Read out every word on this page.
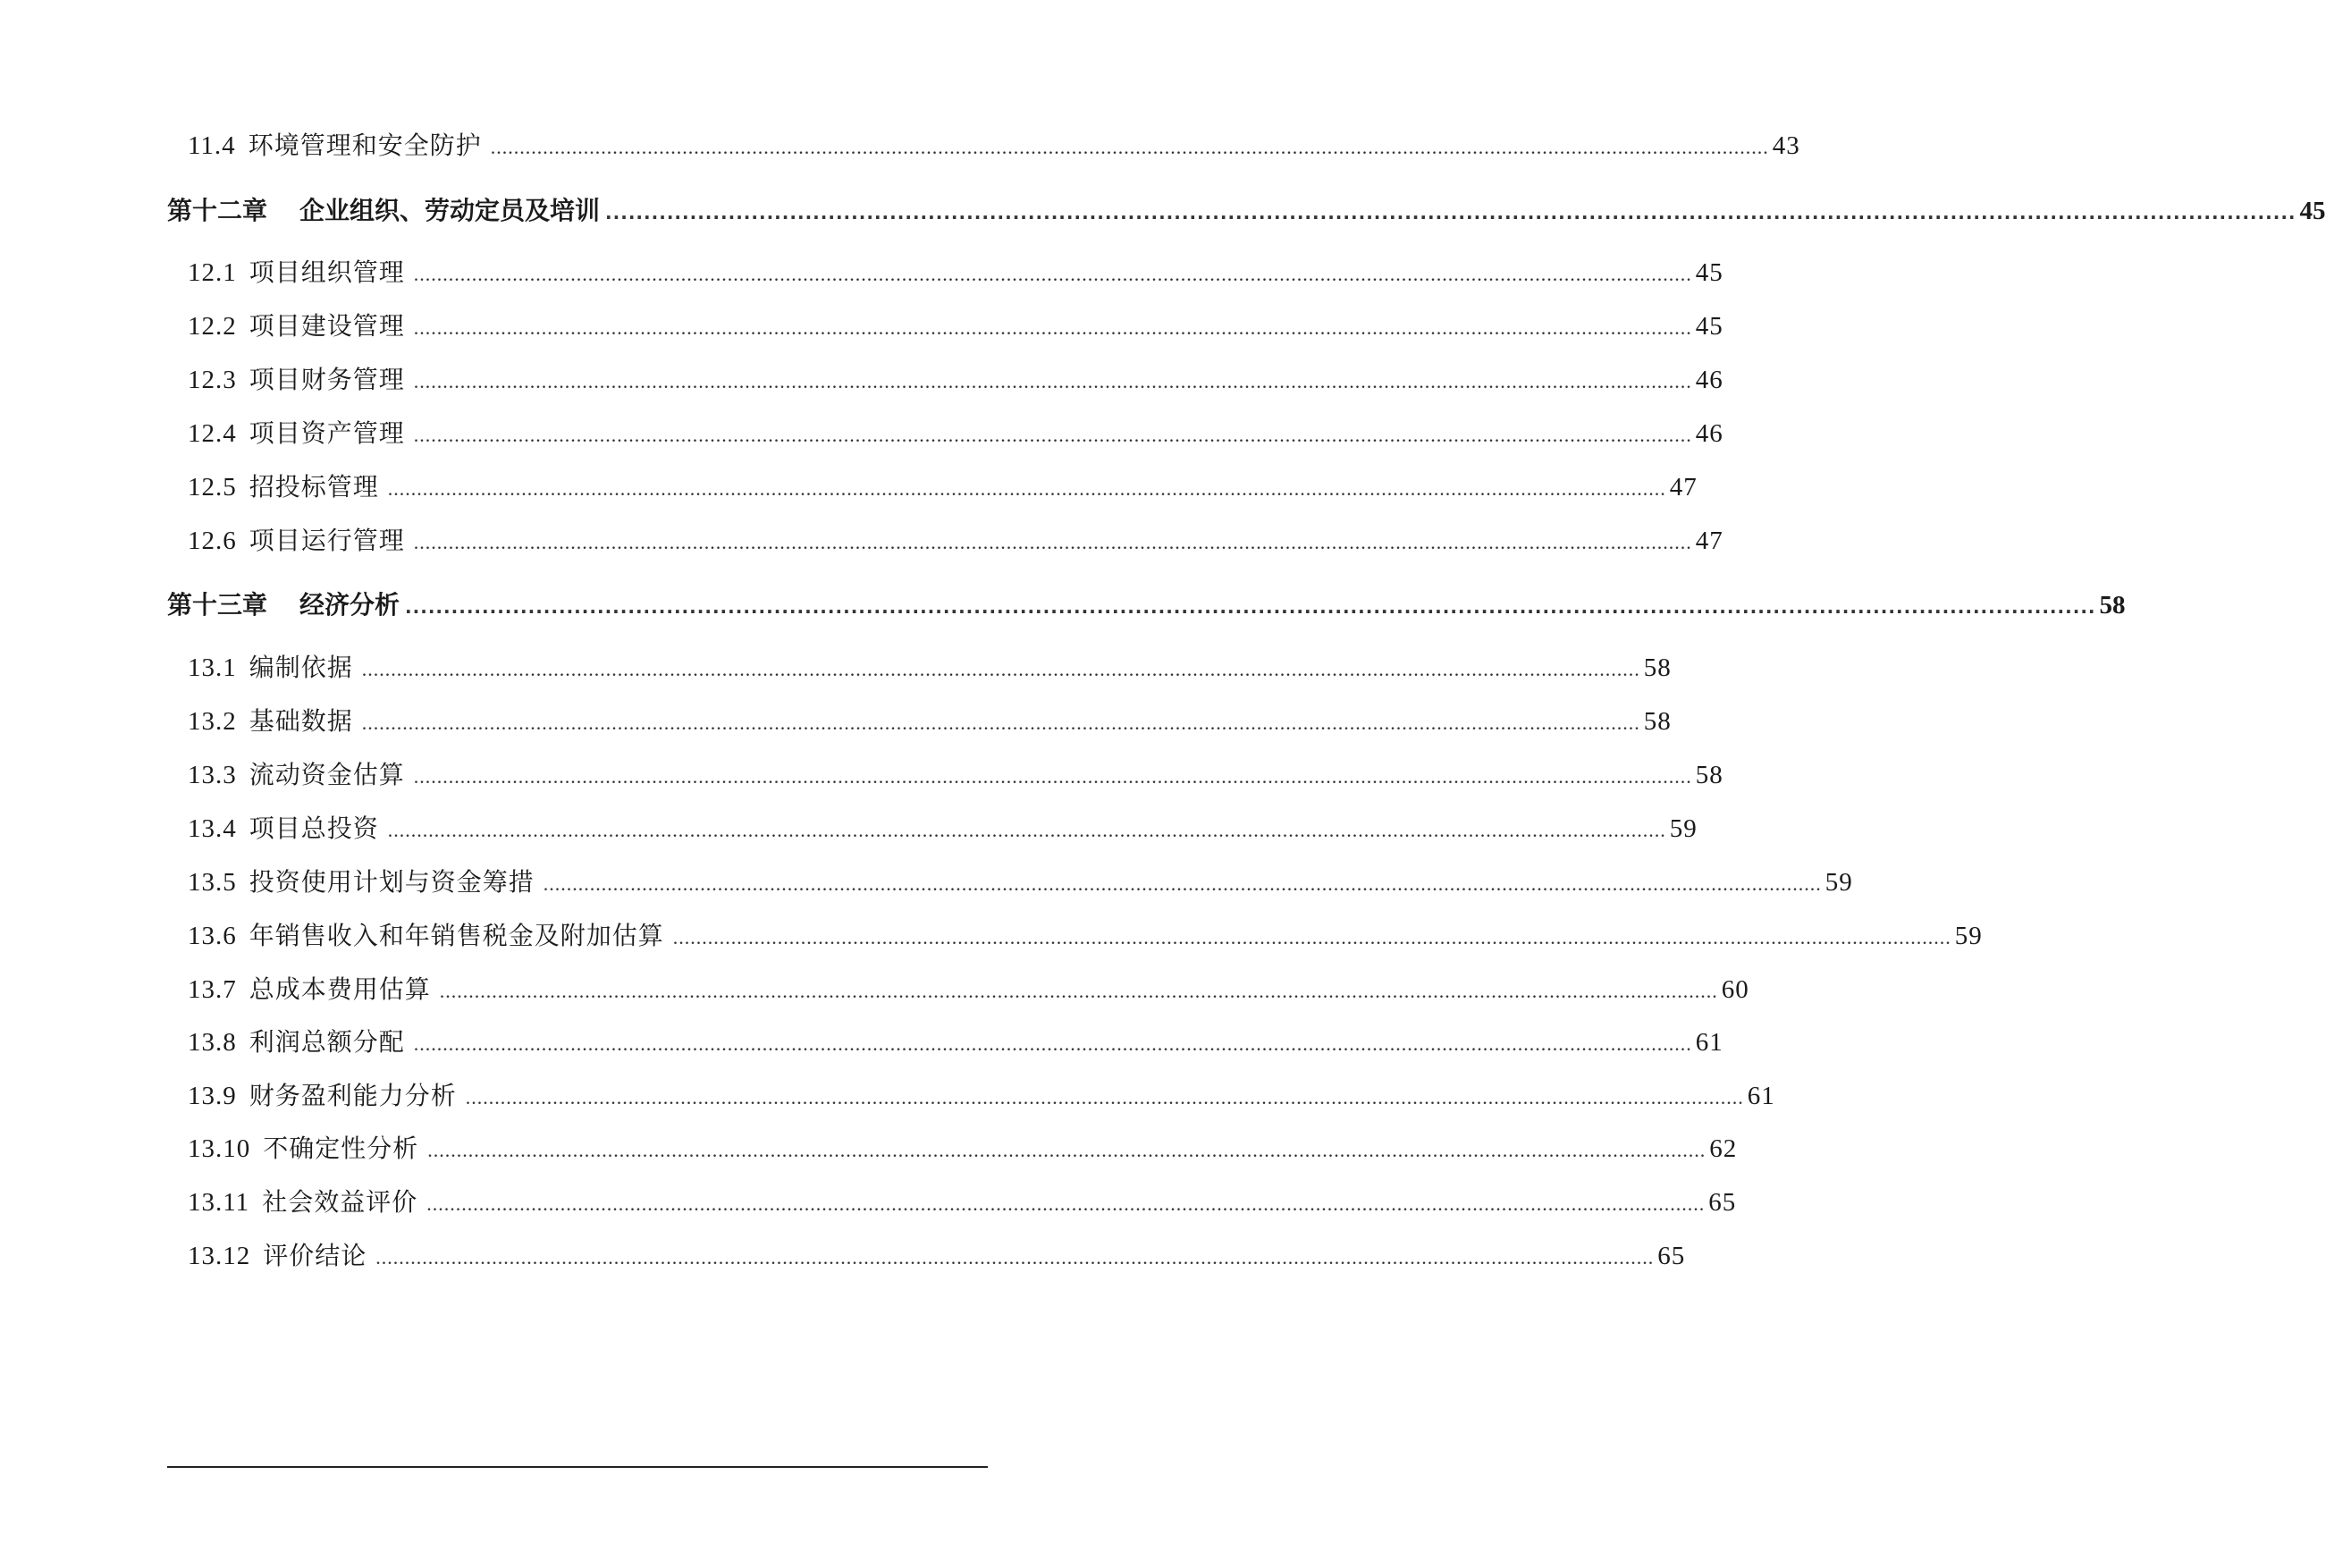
11.4 环境管理和安全防护 ............................................................................................................................................................................................................................ 43
第十二章 企业组织、劳动定员及培训 ............................................................................................................................................................................................................................ 45
12.1 项目组织管理 ............................................................................................................................................................................................................................ 45
12.2 项目建设管理 ............................................................................................................................................................................................................................ 45
12.3 项目财务管理 ............................................................................................................................................................................................................................ 46
12.4 项目资产管理 ............................................................................................................................................................................................................................ 46
12.5 招投标管理 ............................................................................................................................................................................................................................ 47
12.6 项目运行管理 ............................................................................................................................................................................................................................ 47
第十三章 经济分析 ............................................................................................................................................................................................................................ 58
13.1 编制依据 ............................................................................................................................................................................................................................ 58
13.2 基础数据 ............................................................................................................................................................................................................................ 58
13.3 流动资金估算 ............................................................................................................................................................................................................................ 58
13.4 项目总投资 ............................................................................................................................................................................................................................ 59
13.5 投资使用计划与资金筹措 ............................................................................................................................................................................................................................ 59
13.6 年销售收入和年销售税金及附加估算 ............................................................................................................................................................................................................................ 59
13.7 总成本费用估算 ............................................................................................................................................................................................................................ 60
13.8 利润总额分配 ............................................................................................................................................................................................................................ 61
13.9 财务盈利能力分析 ............................................................................................................................................................................................................................ 61
13.10 不确定性分析 ............................................................................................................................................................................................................................ 62
13.11 社会效益评价 ............................................................................................................................................................................................................................ 65
13.12 评价结论 ............................................................................................................................................................................................................................ 65
